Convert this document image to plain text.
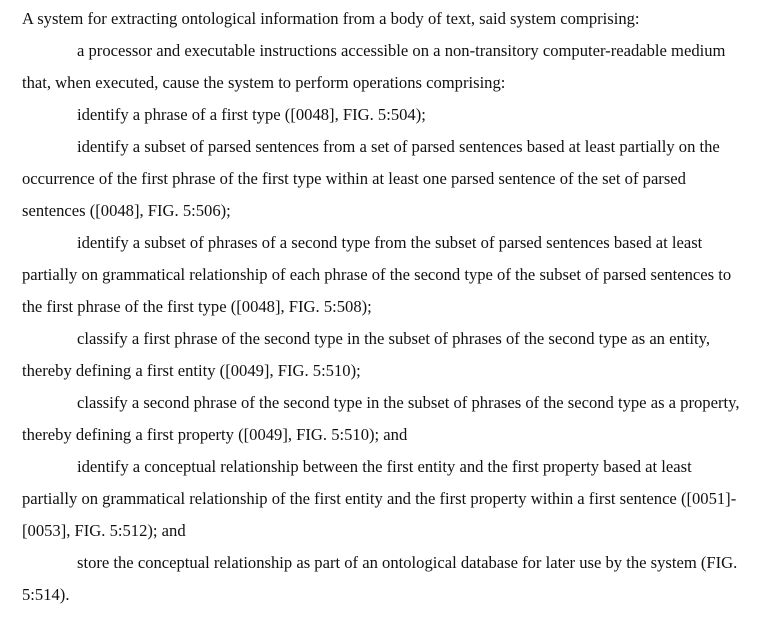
A system for extracting ontological information from a body of text, said system comprising:

a processor and executable instructions accessible on a non-transitory computer-readable medium that, when executed, cause the system to perform operations comprising:

identify a phrase of a first type ([0048], FIG. 5:504);

identify a subset of parsed sentences from a set of parsed sentences based at least partially on the occurrence of the first phrase of the first type within at least one parsed sentence of the set of parsed sentences ([0048], FIG. 5:506);

identify a subset of phrases of a second type from the subset of parsed sentences based at least partially on grammatical relationship of each phrase of the second type of the subset of parsed sentences to the first phrase of the first type ([0048], FIG. 5:508);

classify a first phrase of the second type in the subset of phrases of the second type as an entity, thereby defining a first entity ([0049], FIG. 5:510);

classify a second phrase of the second type in the subset of phrases of the second type as a property, thereby defining a first property ([0049], FIG. 5:510); and

identify a conceptual relationship between the first entity and the first property based at least partially on grammatical relationship of the first entity and the first property within a first sentence ([0051]-[0053], FIG. 5:512); and

store the conceptual relationship as part of an ontological database for later use by the system (FIG. 5:514).
